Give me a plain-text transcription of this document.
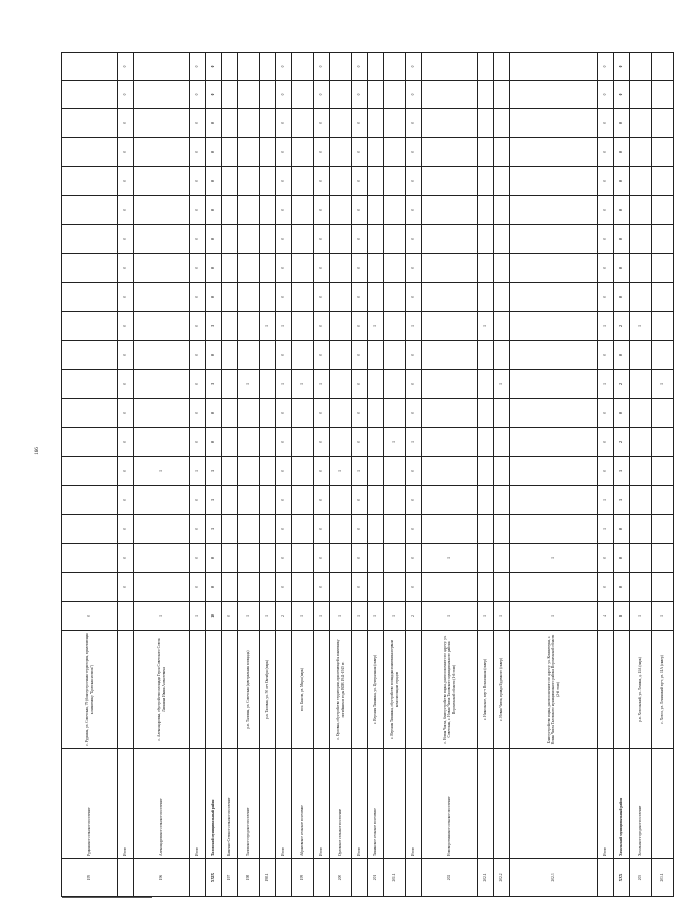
166
195	Руднянское сельское поселение	с. Руднянь, ул. Советская, 79 (благоустроенная территория, прилегающая к памятнику "Братская могила")	0																			
	Итого			0	0	0	0	0	0	0	0	0	0	0	0	0	0	0	0	0	0	0
196	Александровское сельское поселение	с. Александровка, обустройство площади Героя Советского Союза Лапшина Ивана Алексеевича	1					1														
	Итого		1	0	0	0	0	1	0	0	0	0	0	0	0	0	0	0	0	0	0	0
XXIX	Таловский муниципальный район		10	0	0	1	1	1	0	0	3	0	3	0	0	0	0	0	0	0	0	0
197	Каменно-Степное сельское поселение		0																			
198	Таловское городское поселение	р.п. Таловая, ул. Советская (центральная площадь)	1								1											
198.1		р.п. Таловая, ул. 50 лет Октября (парк)	1										1									
	Итого		2	0	0	0	0	0	0	0	1	0	1	0	0	0	0	0	0	0	0	0
199	Абрамовское сельское поселение	пос. Бшсов, ул. Мира (парк)	1								1											
	Итого		1	0	0	0	0	0	0	0	1	0	0	0	0	0	0	0	0	0	0	0
200	Орловское сельское поселение	с. Орловка, обустройство территории, прилегающей к памятнику погибшим в годы ВОВ 1941-1945 гг.	1					1														
	Итого		1	0	0	0	0	1	0	0	0	0	0	0	0	0	0	0	0	0	0	0
201	Тишанское сельское поселение	с. Верхняя Тишанка, ул. Центральная (сквер)	1										1									
201.1		с. Верхняя Тишанка, обустройство площадки памятника первым комсомольцам отрядов	1						1													
	Итого		2	0	0	0	0	0	1	0	0	0	1	0	0	0	0	0	0	0	0	0
202	Нововоротнянское сельское поселение	с. Новая Чигла, благоустройство парка, расположенного по адресу: ул. Советская, с. Новая Чигла Таловского муниципального района Воронежской области (1-й этап)	1		1																	
202.1		с. Никольское, пер-т Вокзальная (сквер)	1										1									
202.2		с. Новая Чигла, правда Буденного (сквер)	1								1											
202.3		Благоустройство парка, расположенного по адресу: ул. Коминтерна, с. Новая Чигла Таловского муниципального района Воронежской области (2-й этап)	1		1																	
	Итого		4	0	0	1	1	0	0	0	1	0	1	0	0	0	0	0	0	0	0	0
XXX	Хохольский муниципальный район		8	0	0	0	1	1	2	0	2	0	2	0	0	0	0	0	0	0	0	0
203	Хохольское городское поселение	р.п. Хохольский, ул. Ленина, д. 11А (парк)	1										1									
203.1		с. Хохол, ул. Ленинский пр-т, ул. 11А (сквер)	1								1											
